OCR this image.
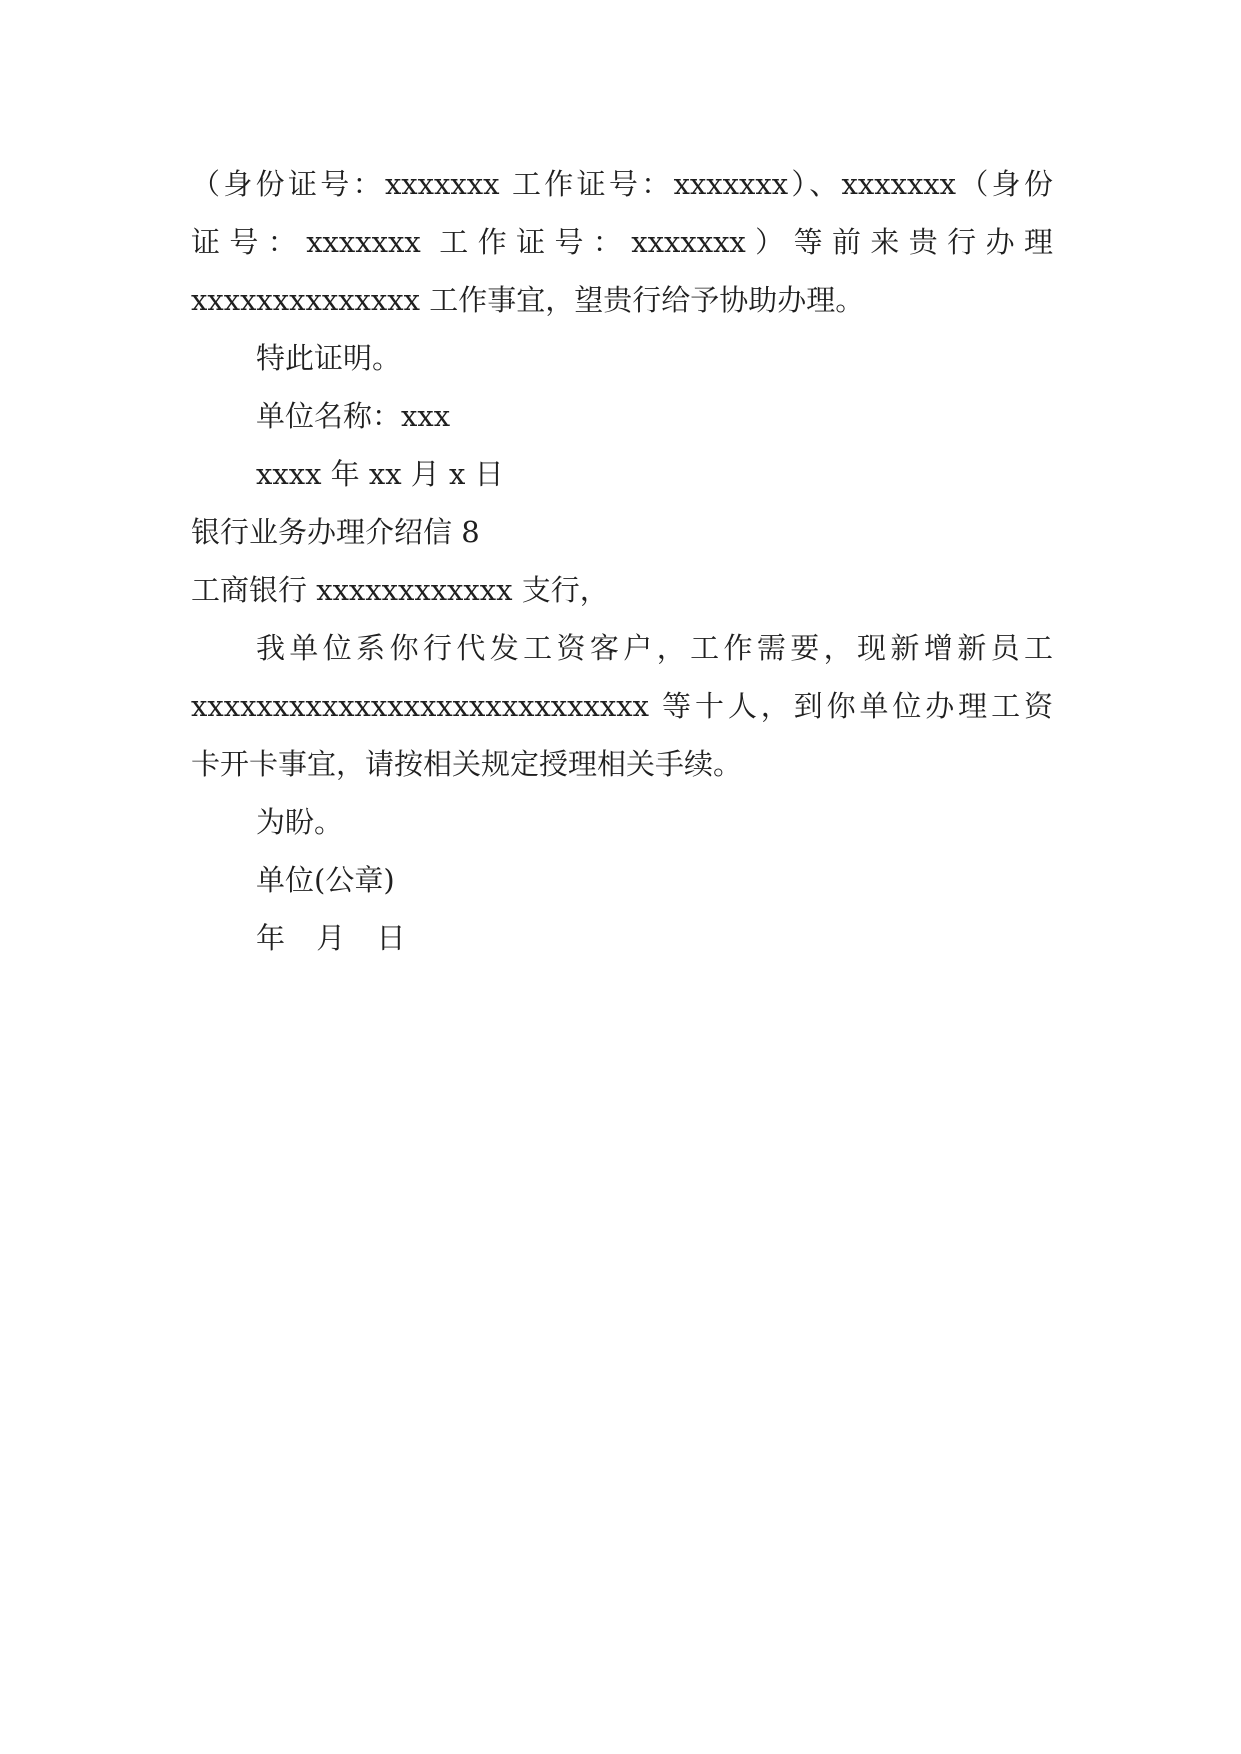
（身份证号：xxxxxxx 工作证号：xxxxxxx）、xxxxxxx（身份
证号：xxxxxxx 工作证号：xxxxxxx）等前来贵行办理
xxxxxxxxxxxxxx 工作事宜，望贵行给予协助办理。
特此证明。
单位名称：xxx
xxxx 年 xx 月 x 日
银行业务办理介绍信 8
工商银行 xxxxxxxxxxxx 支行，
我单位系你行代发工资客户，工作需要，现新增新员工
xxxxxxxxxxxxxxxxxxxxxxxxxxxx 等十人，到你单位办理工资
卡开卡事宜，请按相关规定授理相关手续。
为盼。
单位(公章)
年 月 日
